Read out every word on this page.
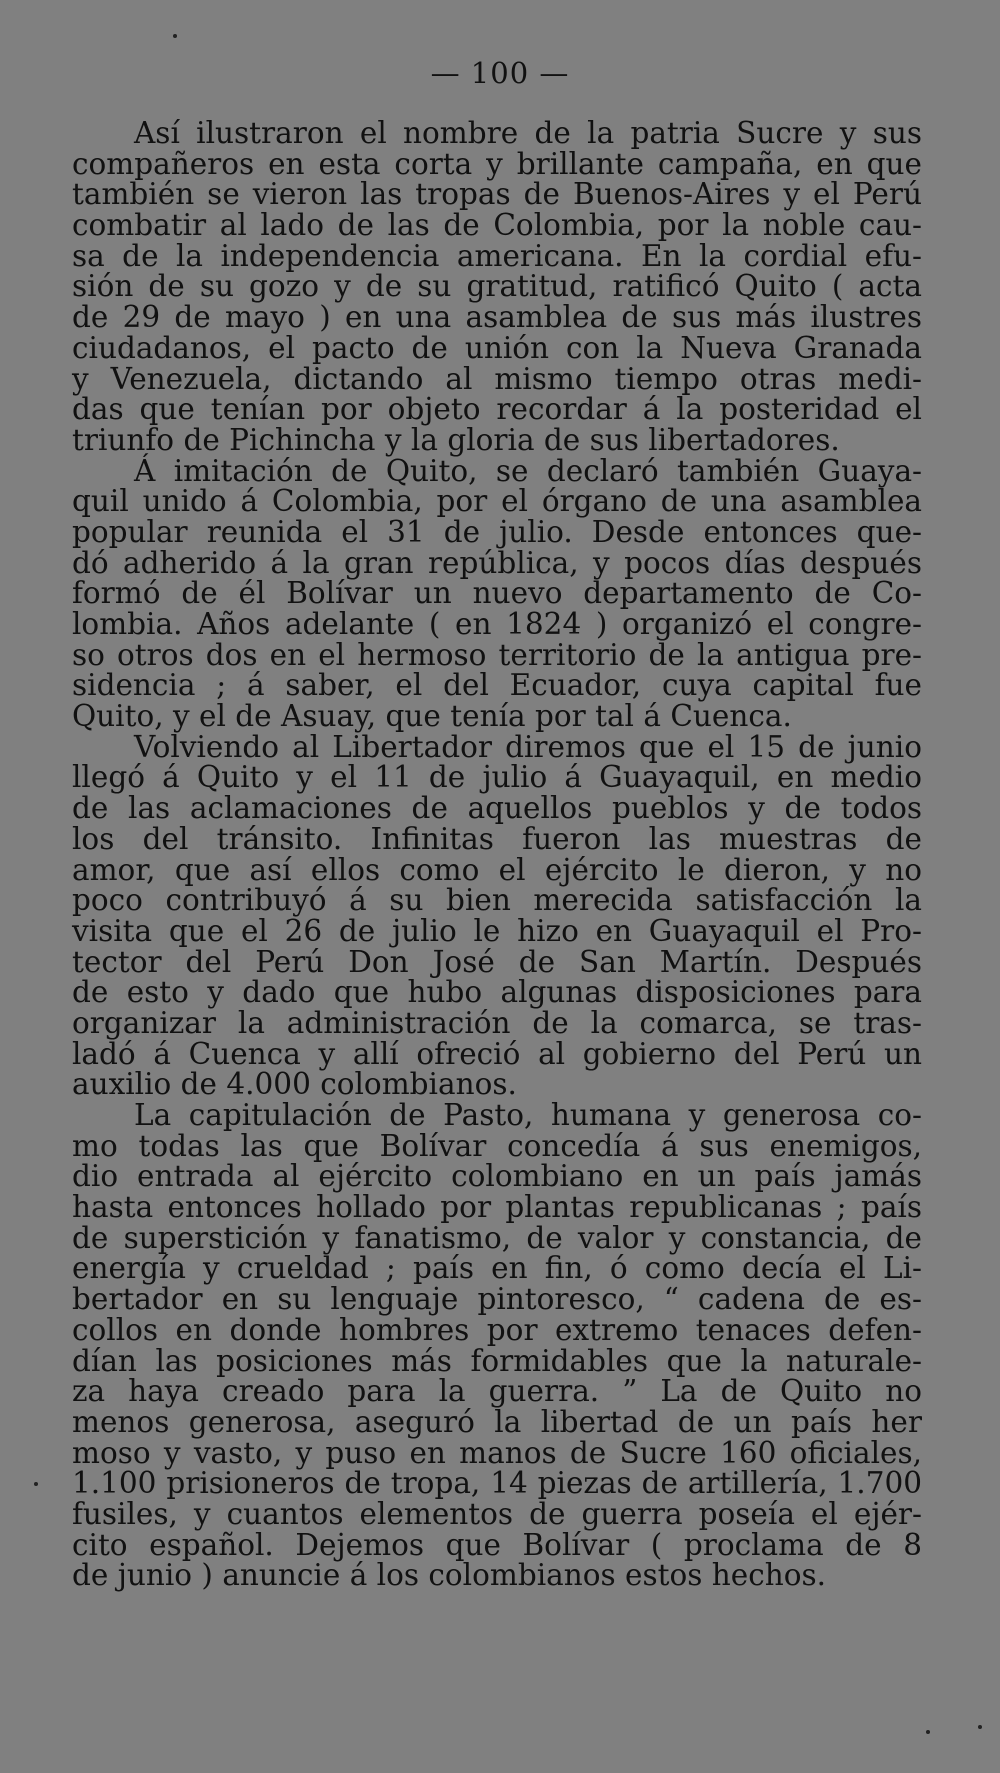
— 100 —
Así ilustraron el nombre de la patria Sucre y sus
compañeros en esta corta y brillante campaña, en que
también se vieron las tropas de Buenos-Aires y el Perú
combatir al lado de las de Colombia, por la noble cau-
sa de la independencia americana. En la cordial efu-
sión de su gozo y de su gratitud, ratificó Quito ( acta
de 29 de mayo ) en una asamblea de sus más ilustres
ciudadanos, el pacto de unión con la Nueva Granada
y Venezuela, dictando al mismo tiempo otras medi-
das que tenían por objeto recordar á la posteridad el
triunfo de Pichincha y la gloria de sus libertadores.
Á imitación de Quito, se declaró también Guaya-
quil unido á Colombia, por el órgano de una asamblea
popular reunida el 31 de julio. Desde entonces que-
dó adherido á la gran república, y pocos días después
formó de él Bolívar un nuevo departamento de Co-
lombia. Años adelante ( en 1824 ) organizó el congre-
so otros dos en el hermoso territorio de la antigua pre-
sidencia ; á saber, el del Ecuador, cuya capital fue
Quito, y el de Asuay, que tenía por tal á Cuenca.
Volviendo al Libertador diremos que el 15 de junio
llegó á Quito y el 11 de julio á Guayaquil, en medio
de las aclamaciones de aquellos pueblos y de todos
los del tránsito. Infinitas fueron las muestras de
amor, que así ellos como el ejército le dieron, y no
poco contribuyó á su bien merecida satisfacción la
visita que el 26 de julio le hizo en Guayaquil el Pro-
tector del Perú Don José de San Martín. Después
de esto y dado que hubo algunas disposiciones para
organizar la administración de la comarca, se tras-
ladó á Cuenca y allí ofreció al gobierno del Perú un
auxilio de 4.000 colombianos.
La capitulación de Pasto, humana y generosa co-
mo todas las que Bolívar concedía á sus enemigos,
dio entrada al ejército colombiano en un país jamás
hasta entonces hollado por plantas republicanas ; país
de superstición y fanatismo, de valor y constancia, de
energía y crueldad ; país en fin, ó como decía el Li-
bertador en su lenguaje pintoresco, “ cadena de es-
collos en donde hombres por extremo tenaces defen-
dían las posiciones más formidables que la naturale-
za haya creado para la guerra. ” La de Quito no
menos generosa, aseguró la libertad de un país her
moso y vasto, y puso en manos de Sucre 160 oficiales,
1.100 prisioneros de tropa, 14 piezas de artillería, 1.700
fusiles, y cuantos elementos de guerra poseía el ejér-
cito español. Dejemos que Bolívar ( proclama de 8
de junio ) anuncie á los colombianos estos hechos.
